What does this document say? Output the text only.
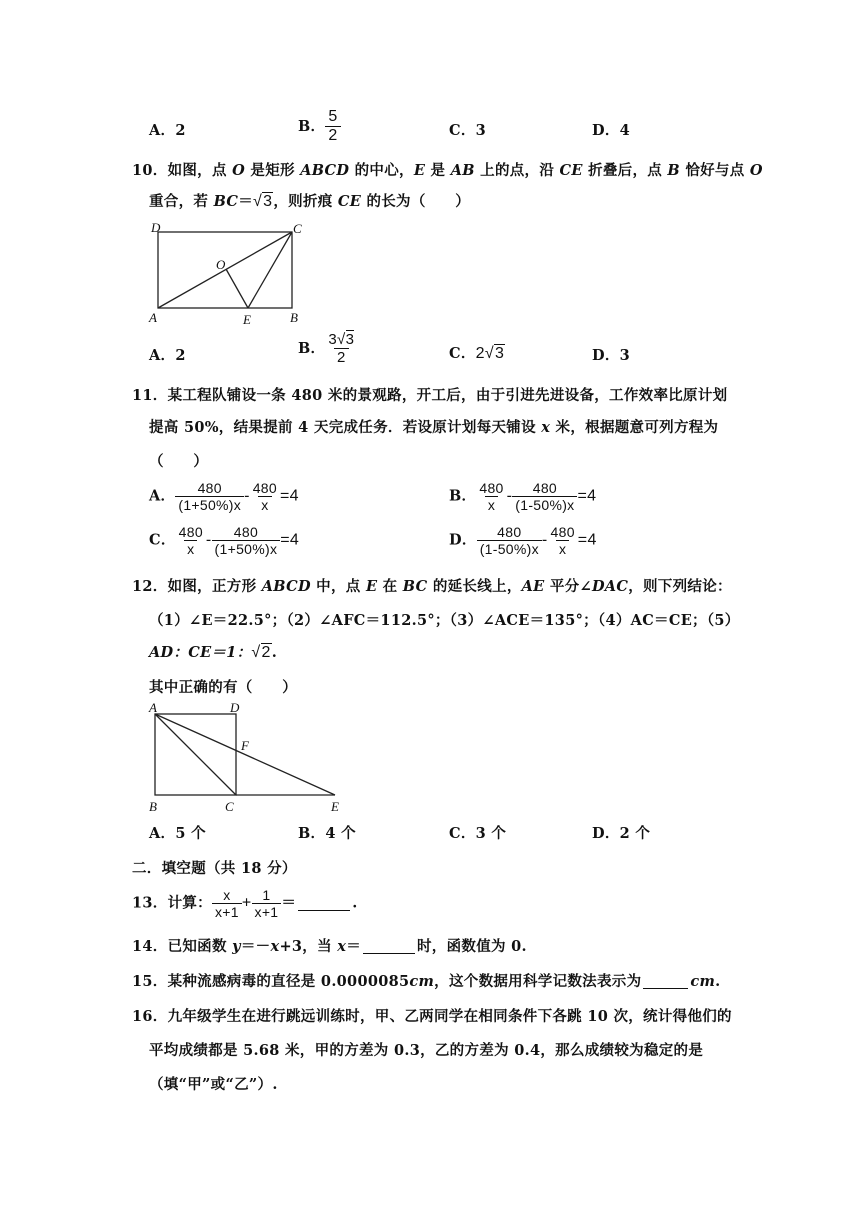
A．2	B． $\frac{5}{2}$	C．3	D．4
10．如图，点 O 是矩形 ABCD 的中心，E 是 AB 上的点，沿 CE 折叠后，点 B 恰好与点 O
重合，若 BC＝√3，则折痕 CE 的长为（　　）
D	C
O
A	E	B
A．2	B． $\frac{3√3}{2}$	C．2√3	D．3
11．某工程队铺设一条 480 米的景观路，开工后，由于引进先进设备，工作效率比原计划
提高 50%，结果提前 4 天完成任务．若设原计划每天铺设 x 米，根据题意可列方程为
（　　）
A． $\frac{480}{(1+50\%)x} - \frac{480}{x} =4$	B． $\frac{480}{x} - \frac{480}{(1-50\%)x} =4$
C． $\frac{480}{x} - \frac{480}{(1+50\%)x} =4$	D． $\frac{480}{(1-50\%)x} - \frac{480}{x} =4$
12．如图，正方形 ABCD 中，点 E 在 BC 的延长线上，AE 平分∠DAC，则下列结论：
（1）∠E＝22.5°；（2）∠AFC＝112.5°；（3）∠ACE＝135°；（4）AC＝CE；（5）
AD：CE＝1：√2.
其中正确的有（　　）
A	D
F
B	C	E
A．5 个	B．4 个	C．3 个	D．2 个
二．填空题（共 18 分）
13．计算： $\frac{x}{x+1} + \frac{1}{x+1}$ ＝	.
14．已知函数 y＝－x+3，当 x＝	时，函数值为 0.
15．某种流感病毒的直径是 0.0000085cm，这个数据用科学记数法表示为	cm.
16．九年级学生在进行跳远训练时，甲、乙两同学在相同条件下各跳 10 次，统计得他们的
平均成绩都是 5.68 米，甲的方差为 0.3，乙的方差为 0.4，那么成绩较为稳定的是
（填“甲”或“乙”）.
